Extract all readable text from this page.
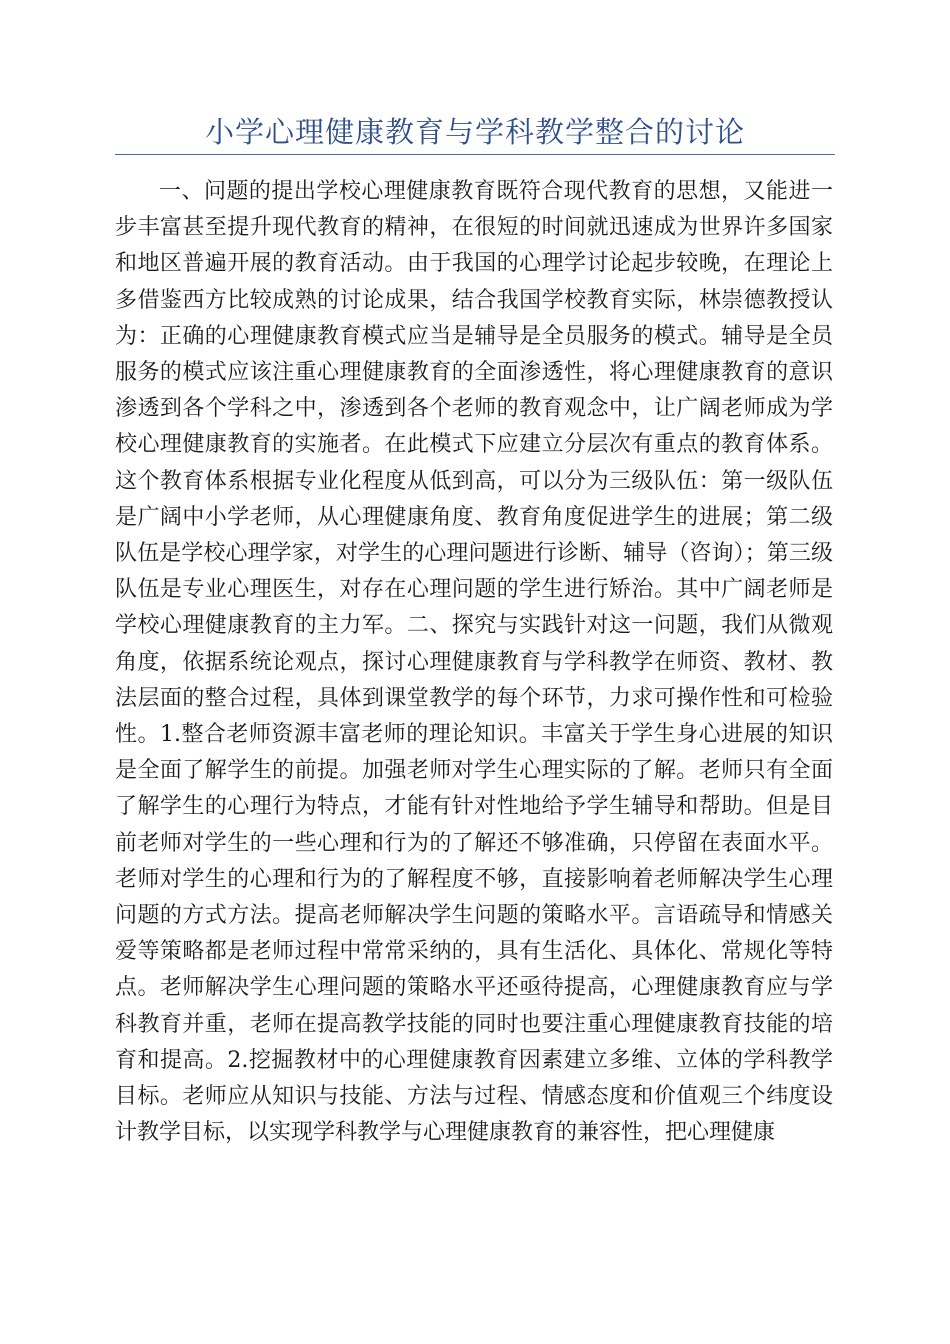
小学心理健康教育与学科教学整合的讨论

一、问题的提出学校心理健康教育既符合现代教育的思想，又能进一步丰富甚至提升现代教育的精神，在很短的时间就迅速成为世界许多国家和地区普遍开展的教育活动。由于我国的心理学讨论起步较晚，在理论上多借鉴西方比较成熟的讨论成果，结合我国学校教育实际，林崇德教授认为：正确的心理健康教育模式应当是辅导是全员服务的模式。辅导是全员服务的模式应该注重心理健康教育的全面渗透性，将心理健康教育的意识渗透到各个学科之中，渗透到各个老师的教育观念中，让广阔老师成为学校心理健康教育的实施者。在此模式下应建立分层次有重点的教育体系。这个教育体系根据专业化程度从低到高，可以分为三级队伍：第一级队伍是广阔中小学老师，从心理健康角度、教育角度促进学生的进展；第二级队伍是学校心理学家，对学生的心理问题进行诊断、辅导（咨询）；第三级队伍是专业心理医生，对存在心理问题的学生进行矫治。其中广阔老师是学校心理健康教育的主力军。二、探究与实践针对这一问题，我们从微观角度，依据系统论观点，探讨心理健康教育与学科教学在师资、教材、教法层面的整合过程，具体到课堂教学的每个环节，力求可操作性和可检验性。1.整合老师资源丰富老师的理论知识。丰富关于学生身心进展的知识是全面了解学生的前提。加强老师对学生心理实际的了解。老师只有全面了解学生的心理行为特点，才能有针对性地给予学生辅导和帮助。但是目前老师对学生的一些心理和行为的了解还不够准确，只停留在表面水平。老师对学生的心理和行为的了解程度不够，直接影响着老师解决学生心理问题的方式方法。提高老师解决学生问题的策略水平。言语疏导和情感关爱等策略都是老师过程中常常采纳的，具有生活化、具体化、常规化等特点。老师解决学生心理问题的策略水平还亟待提高，心理健康教育应与学科教育并重，老师在提高教学技能的同时也要注重心理健康教育技能的培育和提高。2.挖掘教材中的心理健康教育因素建立多维、立体的学科教学目标。老师应从知识与技能、方法与过程、情感态度和价值观三个纬度设计教学目标，以实现学科教学与心理健康教育的兼容性，把心理健康
